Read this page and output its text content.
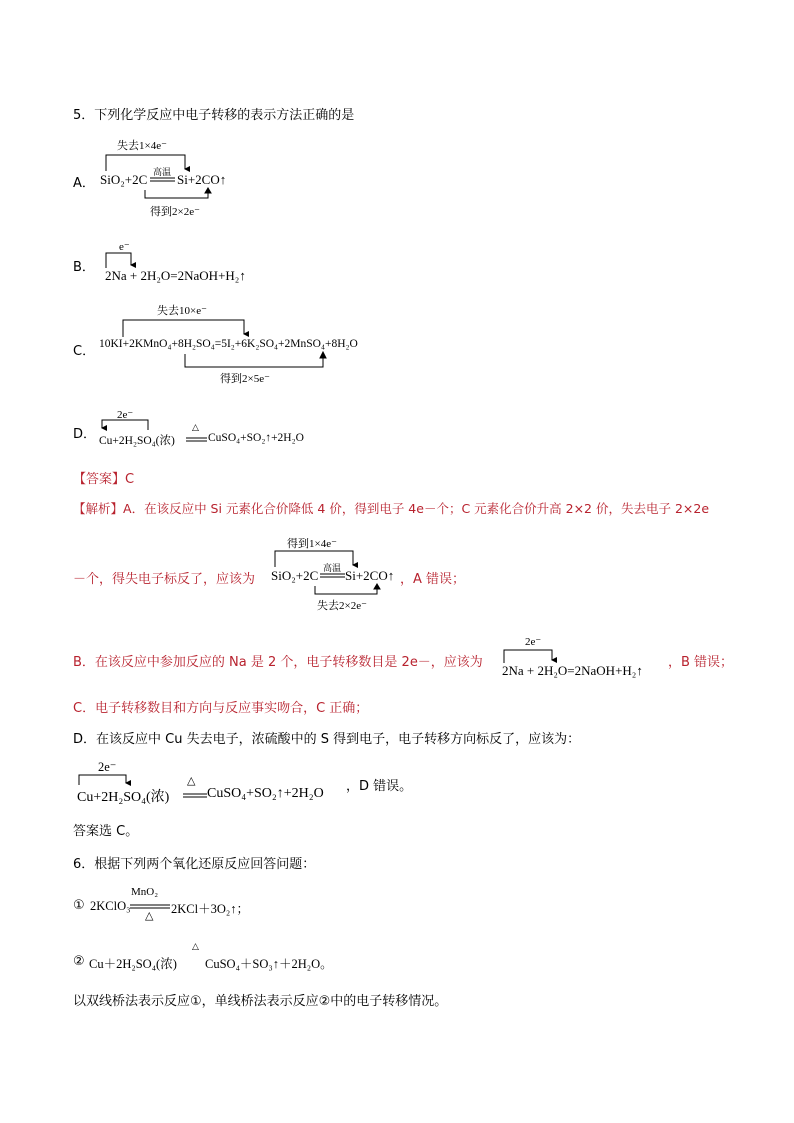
5．下列化学反应中电子转移的表示方法正确的是
A．
失去1×4e⁻
SiO₂+2C 高温 Si+2CO↑
得到2×2e⁻
B．
e⁻
2Na + 2H₂O=2NaOH+H₂↑
C．
失去10×e⁻
10KI+2KMnO₄+8H₂SO₄=5I₂+6K₂SO₄+2MnSO₄+8H₂O
得到2×5e⁻
D．
2e⁻
Cu+2H₂SO₄(浓)
△
CuSO₄+SO₂↑+2H₂O
【答案】C
【解析】A．在该反应中 Si 元素化合价降低 4 价，得到电子 4e－个；C 元素化合价升高 2×2 价，失去电子 2×2e
－个，得失电子标反了，应该为
得到1×4e⁻
SiO₂+2C 高温 Si+2CO↑
失去2×2e⁻
，A 错误；
B．在该反应中参加反应的 Na 是 2 个，电子转移数目是 2e－，应该为
2e⁻
2Na + 2H₂O=2NaOH+H₂↑
，B 错误；
C．电子转移数目和方向与反应事实吻合，C 正确；
D．在该反应中 Cu 失去电子，浓硫酸中的 S 得到电子，电子转移方向标反了，应该为：
2e⁻
Cu+2H₂SO₄(浓)
△
CuSO₄+SO₂↑+2H₂O ，D 错误。
答案选 C。
6．根据下列两个氧化还原反应回答问题：
① 2KClO₃
MnO₂
△ 2KCl＋3O₂↑；
② Cu＋2H₂SO₄(浓)
△
CuSO₄＋SO₃↑＋2H₂O。
以双线桥法表示反应①，单线桥法表示反应②中的电子转移情况。
